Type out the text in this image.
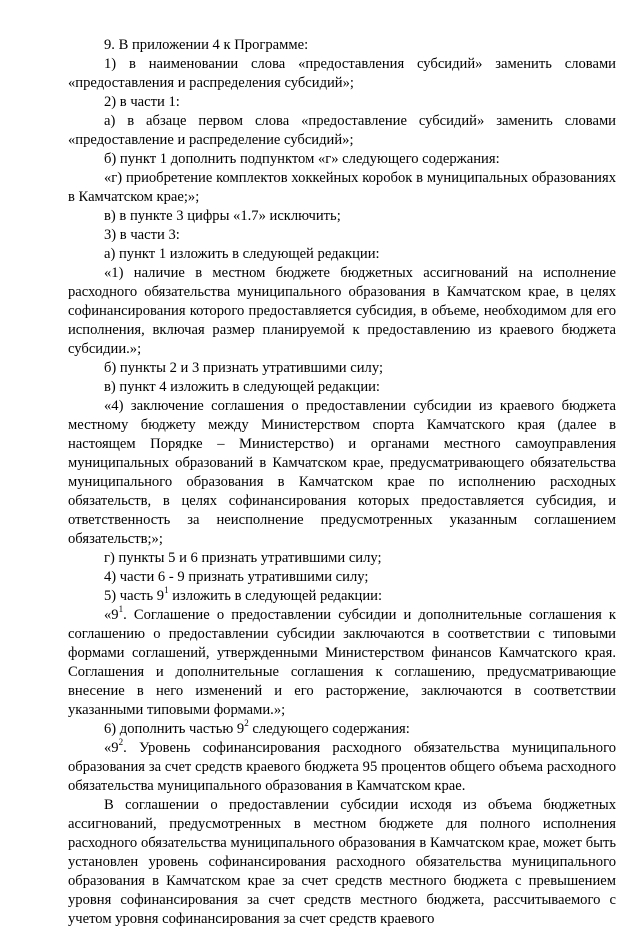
9. В приложении 4 к Программе:

1) в наименовании слова «предоставления субсидий» заменить словами «предоставления и распределения субсидий»;

2) в части 1:

а) в абзаце первом слова «предоставление субсидий» заменить словами «предоставление и распределение субсидий»;

б) пункт 1 дополнить подпунктом «г» следующего содержания:

«г) приобретение комплектов хоккейных коробок в муниципальных образованиях в Камчатском крае;»;

в) в пункте 3 цифры «1.7» исключить;

3) в части 3:

а) пункт 1 изложить в следующей редакции:

«1) наличие в местном бюджете бюджетных ассигнований на исполнение расходного обязательства муниципального образования в Камчатском крае, в целях софинансирования которого предоставляется субсидия, в объеме, необходимом для его исполнения, включая размер планируемой к предоставлению из краевого бюджета субсидии.»;

б) пункты 2 и 3 признать утратившими силу;

в) пункт 4 изложить в следующей редакции:

«4) заключение соглашения о предоставлении субсидии из краевого бюджета местному бюджету между Министерством спорта Камчатского края (далее в настоящем Порядке – Министерство) и органами местного самоуправления муниципальных образований в Камчатском крае, предусматривающего обязательства муниципального образования в Камчатском крае по исполнению расходных обязательств, в целях софинансирования которых предоставляется субсидия, и ответственность за неисполнение предусмотренных указанным соглашением обязательств;»;

г) пункты 5 и 6 признать утратившими силу;

4) части 6 - 9 признать утратившими силу;

5) часть $9^1$ изложить в следующей редакции:

«$9^1$. Соглашение о предоставлении субсидии и дополнительные соглашения к соглашению о предоставлении субсидии заключаются в соответствии с типовыми формами соглашений, утвержденными Министерством финансов Камчатского края. Соглашения и дополнительные соглашения к соглашению, предусматривающие внесение в него изменений и его расторжение, заключаются в соответствии указанными типовыми формами.»;

6) дополнить частью $9^2$ следующего содержания:

«$9^2$. Уровень софинансирования расходного обязательства муниципального образования за счет средств краевого бюджета 95 процентов общего объема расходного обязательства муниципального образования в Камчатском крае.

В соглашении о предоставлении субсидии исходя из объема бюджетных ассигнований, предусмотренных в местном бюджете для полного исполнения расходного обязательства муниципального образования в Камчатском крае, может быть установлен уровень софинансирования расходного обязательства муниципального образования в Камчатском крае за счет средств местного бюджета с превышением уровня софинансирования за счет средств местного бюджета, рассчитываемого с учетом уровня софинансирования за счет средств краевого
